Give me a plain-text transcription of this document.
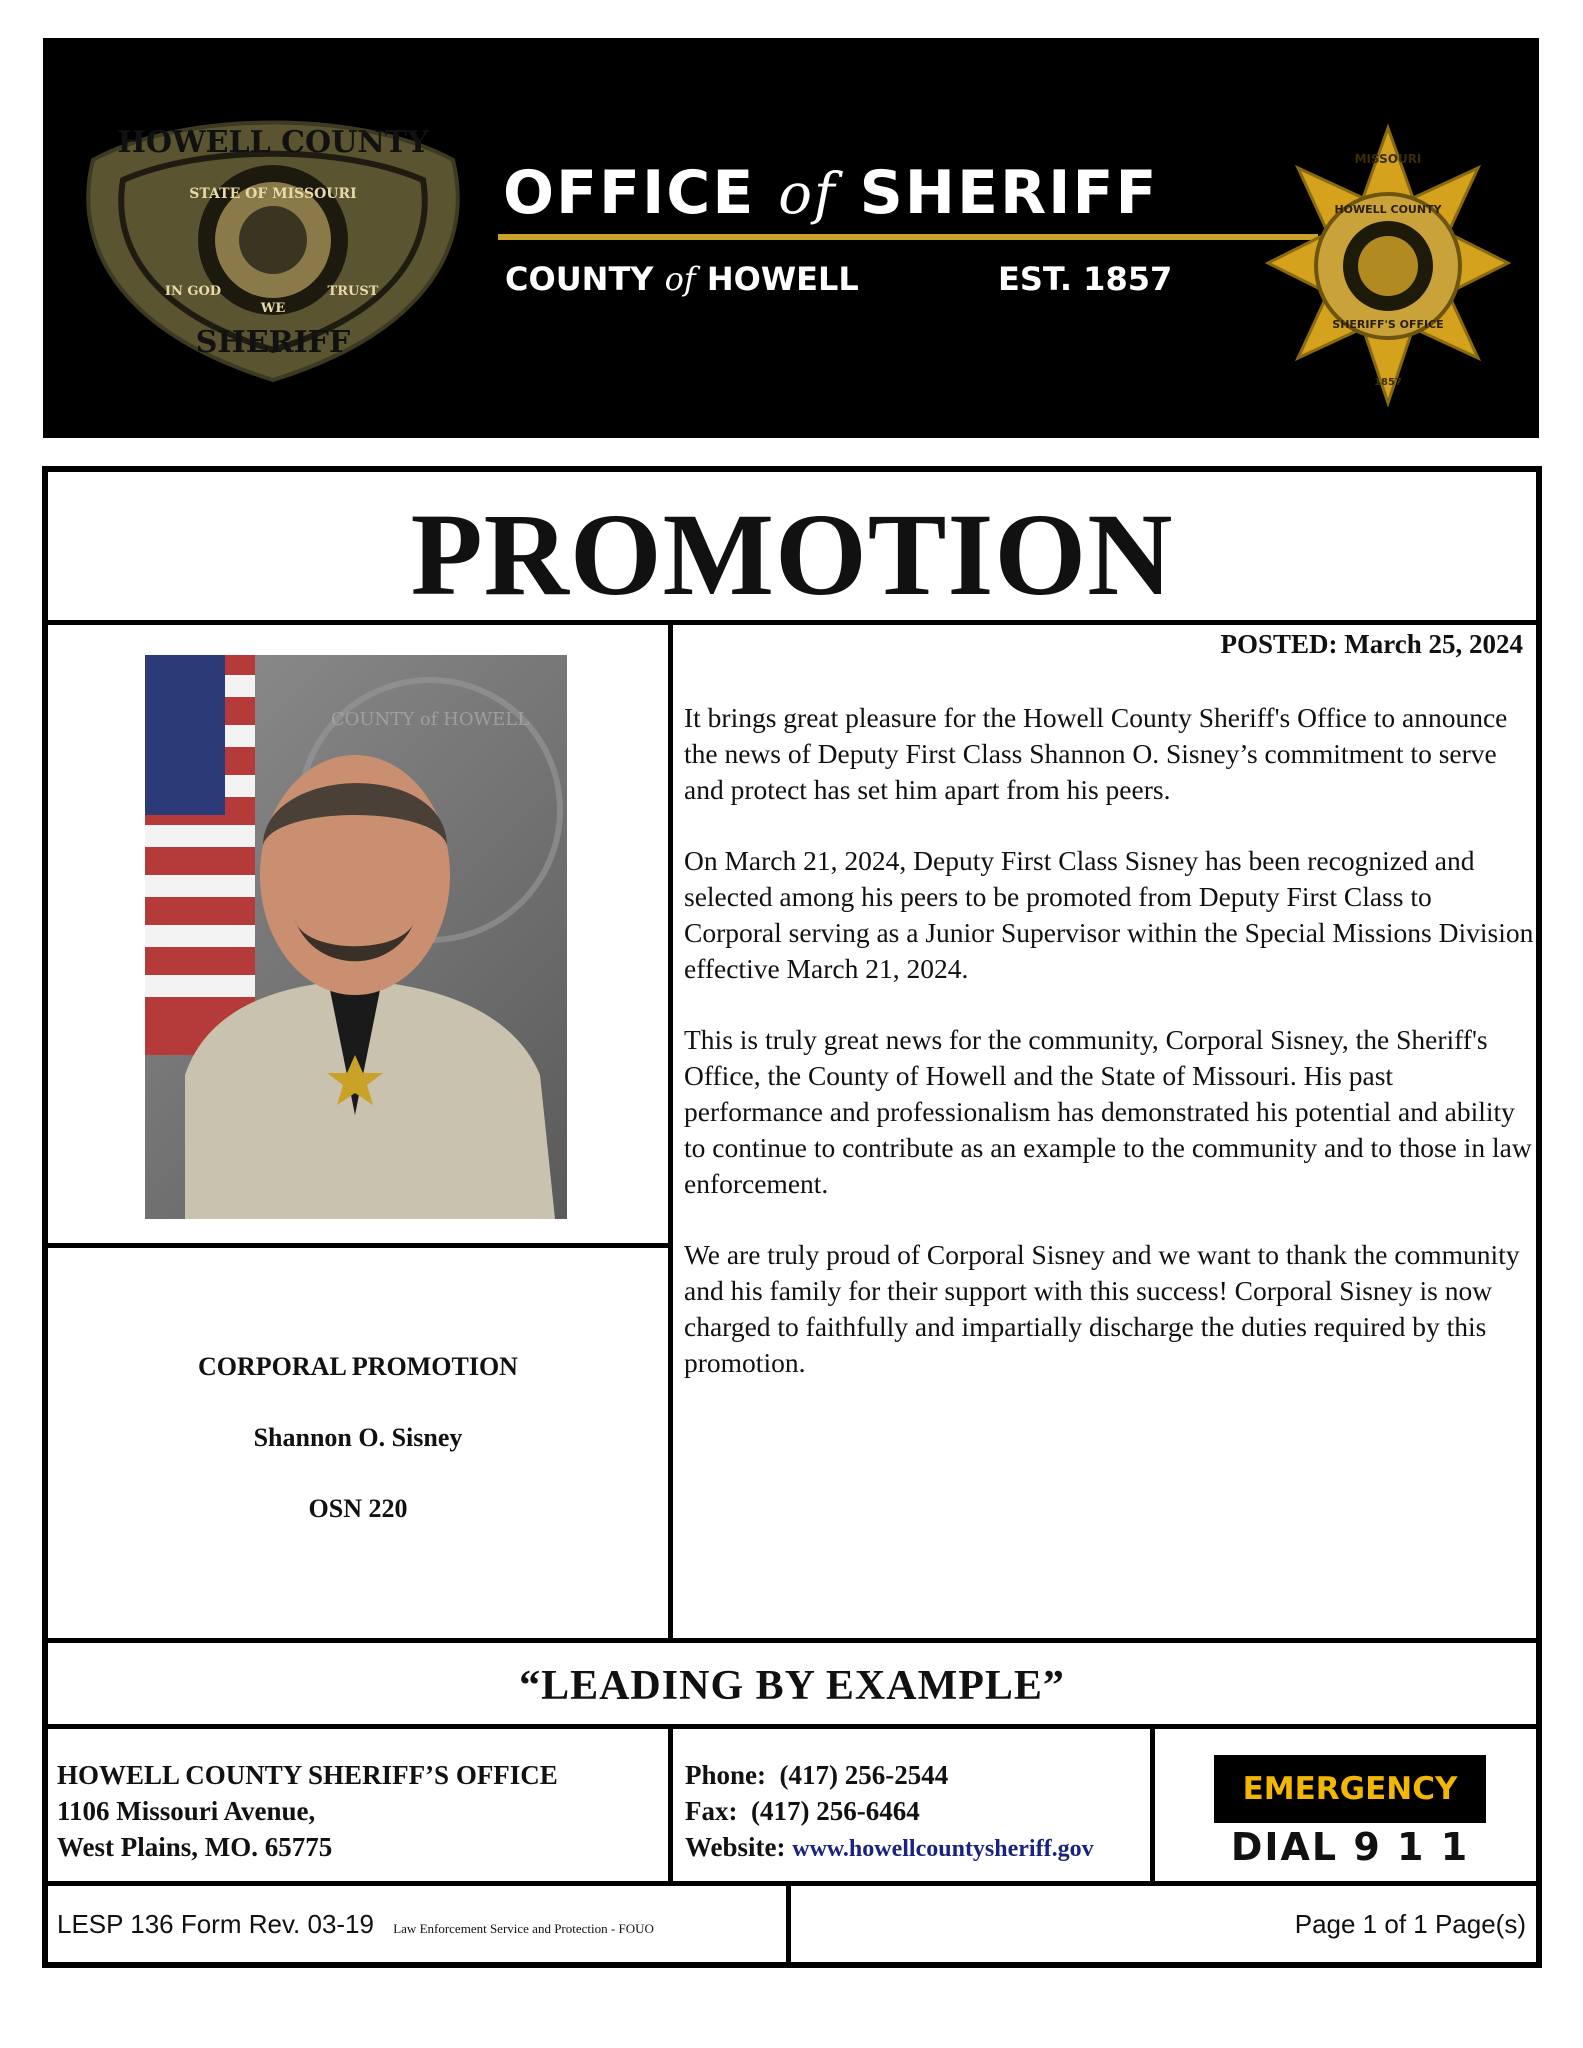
HOWELL COUNTY
STATE OF MISSOURI
IN GOD
WE
TRUST
SHERIFF
OFFICE of SHERIFF
COUNTY of HOWELL	EST. 1857
MISSOURI
HOWELL COUNTY
SHERIFF'S OFFICE
1857
PROMOTION
COUNTY of HOWELL
POSTED: March 25, 2024

It brings great pleasure for the Howell County Sheriff's Office to announce the news of Deputy First Class Shannon O. Sisney’s commitment to serve and protect has set him apart from his peers.

On March 21, 2024, Deputy First Class Sisney has been recognized and selected among his peers to be promoted from Deputy First Class to Corporal serving as a Junior Supervisor within the Special Missions Division effective March 21, 2024.

This is truly great news for the community, Corporal Sisney, the Sheriff's Office, the County of Howell and the State of Missouri. His past performance and professionalism has demonstrated his potential and ability to continue to contribute as an example to the community and to those in law enforcement.

We are truly proud of Corporal Sisney and we want to thank the community and his family for their support with this success! Corporal Sisney is now charged to faithfully and impartially discharge the duties required by this promotion.

CORPORAL PROMOTION
Shannon O. Sisney
OSN 220
“LEADING BY EXAMPLE”
HOWELL COUNTY SHERIFF’S OFFICE
1106 Missouri Avenue,
West Plains, MO. 65775
Phone: (417) 256-2544
Fax: (417) 256-6464
Website: www.howellcountysheriff.gov
EMERGENCY
DIAL 9 1 1
LESP 136 Form Rev. 03-19 Law Enforcement Service and Protection - FOUO	Page 1 of 1 Page(s)
